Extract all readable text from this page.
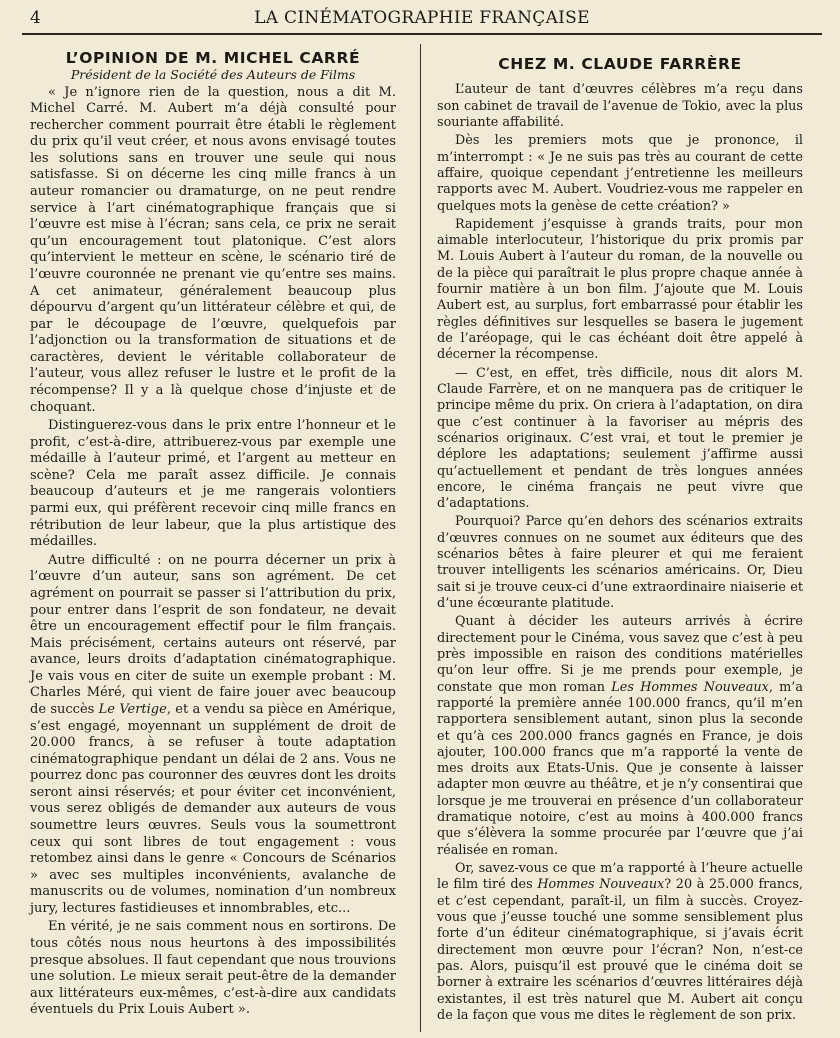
4	LA CINÉMATOGRAPHIE FRANÇAISE
L’OPINION DE M. MICHEL CARRÉ
Président de la Société des Auteurs de Films

« Je n’ignore rien de la question, nous a dit M. Michel Carré. M. Aubert m’a déjà consulté pour rechercher comment pourrait être établi le règlement du prix qu’il veut créer, et nous avons envisagé toutes les solutions sans en trouver une seule qui nous satisfasse. Si on décerne les cinq mille francs à un auteur romancier ou dramaturge, on ne peut rendre service à l’art cinématographique français que si l’œuvre est mise à l’écran; sans cela, ce prix ne serait qu’un encouragement tout platonique. C’est alors qu’intervient le metteur en scène, le scénario tiré de l’œuvre couronnée ne prenant vie qu’entre ses mains. A cet animateur, généralement beaucoup plus dépourvu d’argent qu’un littérateur célèbre et qui, de par le découpage de l’œuvre, quelquefois par l’adjonction ou la transformation de situations et de caractères, devient le véritable collaborateur de l’auteur, vous allez refuser le lustre et le profit de la récompense? Il y a là quelque chose d’injuste et de choquant.

Distinguerez-vous dans le prix entre l’honneur et le profit, c’est-à-dire, attribuerez-vous par exemple une médaille à l’auteur primé, et l’argent au metteur en scène? Cela me paraît assez difficile. Je connais beaucoup d’auteurs et je me rangerais volontiers parmi eux, qui préfèrent recevoir cinq mille francs en rétribution de leur labeur, que la plus artistique des médailles.

Autre difficulté : on ne pourra décerner un prix à l’œuvre d’un auteur, sans son agrément. De cet agrément on pourrait se passer si l’attribution du prix, pour entrer dans l’esprit de son fondateur, ne devait être un encouragement effectif pour le film français. Mais précisément, certains auteurs ont réservé, par avance, leurs droits d’adaptation cinématographique. Je vais vous en citer de suite un exemple probant : M. Charles Méré, qui vient de faire jouer avec beaucoup de succès Le Vertige, et a vendu sa pièce en Amérique, s’est engagé, moyennant un supplément de droit de 20.000 francs, à se refuser à toute adaptation cinématographique pendant un délai de 2 ans. Vous ne pourrez donc pas couronner des œuvres dont les droits seront ainsi réservés; et pour éviter cet inconvénient, vous serez obligés de demander aux auteurs de vous soumettre leurs œuvres. Seuls vous la soumettront ceux qui sont libres de tout engagement : vous retombez ainsi dans le genre « Concours de Scénarios » avec ses multiples inconvénients, avalanche de manuscrits ou de volumes, nomination d’un nombreux jury, lectures fastidieuses et innombrables, etc...

En vérité, je ne sais comment nous en sortirons. De tous côtés nous nous heurtons à des impossibilités presque absolues. Il faut cependant que nous trouvions une solution. Le mieux serait peut-être de la demander aux littérateurs eux-mêmes, c’est-à-dire aux candidats éventuels du Prix Louis Aubert ».

CHEZ M. CLAUDE FARRÈRE

L’auteur de tant d’œuvres célèbres m’a reçu dans son cabinet de travail de l’avenue de Tokio, avec la plus souriante affabilité.

Dès les premiers mots que je prononce, il m’interrompt : « Je ne suis pas très au courant de cette affaire, quoique cependant j’entretienne les meilleurs rapports avec M. Aubert. Voudriez-vous me rappeler en quelques mots la genèse de cette création? »

Rapidement j’esquisse à grands traits, pour mon aimable interlocuteur, l’historique du prix promis par M. Louis Aubert à l’auteur du roman, de la nouvelle ou de la pièce qui paraîtrait le plus propre chaque année à fournir matière à un bon film. J’ajoute que M. Louis Aubert est, au surplus, fort embarrassé pour établir les règles définitives sur lesquelles se basera le jugement de l’aréopage, qui le cas échéant doit être appelé à décerner la récompense.

— C’est, en effet, très difficile, nous dit alors M. Claude Farrère, et on ne manquera pas de critiquer le principe même du prix. On criera à l’adaptation, on dira que c’est continuer à la favoriser au mépris des scénarios originaux. C’est vrai, et tout le premier je déplore les adaptations; seulement j’affirme aussi qu’actuellement et pendant de très longues années encore, le cinéma français ne peut vivre que d’adaptations.

Pourquoi? Parce qu’en dehors des scénarios extraits d’œuvres connues on ne soumet aux éditeurs que des scénarios bêtes à faire pleurer et qui me feraient trouver intelligents les scénarios américains. Or, Dieu sait si je trouve ceux-ci d’une extraordinaire niaiserie et d’une écœurante platitude.

Quant à décider les auteurs arrivés à écrire directement pour le Cinéma, vous savez que c’est à peu près impossible en raison des conditions matérielles qu’on leur offre. Si je me prends pour exemple, je constate que mon roman Les Hommes Nouveaux, m’a rapporté la première année 100.000 francs, qu’il m’en rapportera sensiblement autant, sinon plus la seconde et qu’à ces 200.000 francs gagnés en France, je dois ajouter, 100.000 francs que m’a rapporté la vente de mes droits aux Etats-Unis. Que je consente à laisser adapter mon œuvre au théâtre, et je n’y consentirai que lorsque je me trouverai en présence d’un collaborateur dramatique notoire, c’est au moins à 400.000 francs que s’élèvera la somme procurée par l’œuvre que j’ai réalisée en roman.

Or, savez-vous ce que m’a rapporté à l’heure actuelle le film tiré des Hommes Nouveaux? 20 à 25.000 francs, et c’est cependant, paraît-il, un film à succès. Croyez-vous que j’eusse touché une somme sensiblement plus forte d’un éditeur cinématographique, si j’avais écrit directement mon œuvre pour l’écran? Non, n’est-ce pas. Alors, puisqu’il est prouvé que le cinéma doit se borner à extraire les scénarios d’œuvres littéraires déjà existantes, il est très naturel que M. Aubert ait conçu de la façon que vous me dites le règlement de son prix.
